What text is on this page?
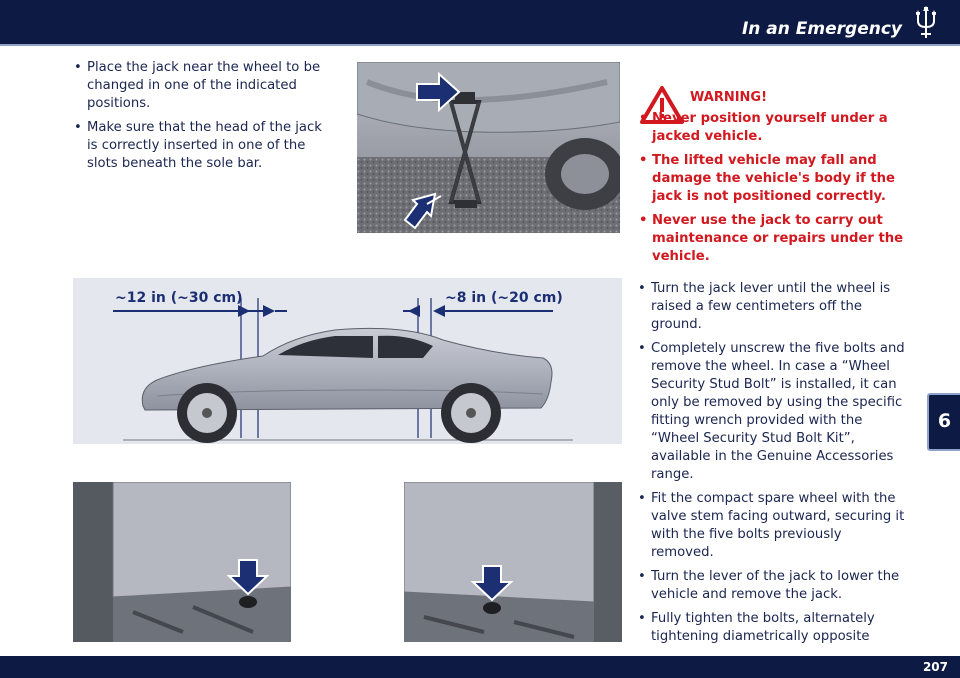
In an Emergency
• Place the jack near the wheel to be changed in one of the indicated positions.
• Make sure that the head of the jack is correctly inserted in one of the slots beneath the sole bar.
WARNING!
• Never position yourself under a jacked vehicle.
• The lifted vehicle may fall and damage the vehicle's body if the jack is not positioned correctly.
• Never use the jack to carry out maintenance or repairs under the vehicle.
~12 in (~30 cm)	~8 in (~20 cm)
• Turn the jack lever until the wheel is raised a few centimeters off the ground.
• Completely unscrew the five bolts and remove the wheel. In case a “Wheel Security Stud Bolt” is installed, it can only be removed by using the specific fitting wrench provided with the “Wheel Security Stud Bolt Kit”, available in the Genuine Accessories range.
• Fit the compact spare wheel with the valve stem facing outward, securing it with the five bolts previously removed.
• Turn the lever of the jack to lower the vehicle and remove the jack.
• Fully tighten the bolts, alternately tightening diametrically opposite
6
207
